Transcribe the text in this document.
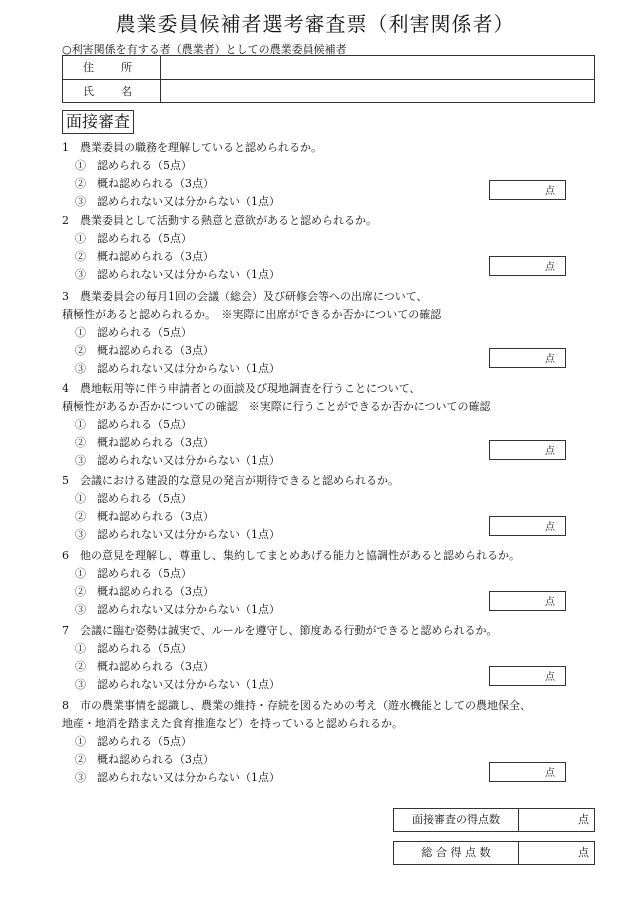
農業委員候補者選考審査票（利害関係者）
○利害関係を有する者（農業者）としての農業委員候補者
住　所
氏　名
面接審査
1　農業委員の職務を理解していると認められるか。
①　認められる（5点）
②　概ね認められる（3点）
③　認められない又は分からない（1点）
点
2　農業委員として活動する熱意と意欲があると認められるか。
①　認められる（5点）
②　概ね認められる（3点）
③　認められない又は分からない（1点）
点
3　農業委員会の毎月1回の会議（総会）及び研修会等への出席について、
積極性があると認められるか。　※実際に出席ができるか否かについての確認
①　認められる（5点）
②　概ね認められる（3点）
③　認められない又は分からない（1点）
点
4　農地転用等に伴う申請者との面談及び現地調査を行うことについて、
積極性があるか否かについての確認　※実際に行うことができるか否かについての確認
①　認められる（5点）
②　概ね認められる（3点）
③　認められない又は分からない（1点）
点
5　会議における建設的な意見の発言が期待できると認められるか。
①　認められる（5点）
②　概ね認められる（3点）
③　認められない又は分からない（1点）
点
6　他の意見を理解し、尊重し、集約してまとめあげる能力と協調性があると認められるか。
①　認められる（5点）
②　概ね認められる（3点）
③　認められない又は分からない（1点）
点
7　会議に臨む姿勢は誠実で、ルールを遵守し、節度ある行動ができると認められるか。
①　認められる（5点）
②　概ね認められる（3点）
③　認められない又は分からない（1点）
点
8　市の農業事情を認識し、農業の維持・存続を図るための考え（遊水機能としての農地保全、
地産・地消を踏まえた食育推進など）を持っていると認められるか。
①　認められる（5点）
②　概ね認められる（3点）
③　認められない又は分からない（1点）	点
面接審査の得点数	点
総 合 得 点 数	点
